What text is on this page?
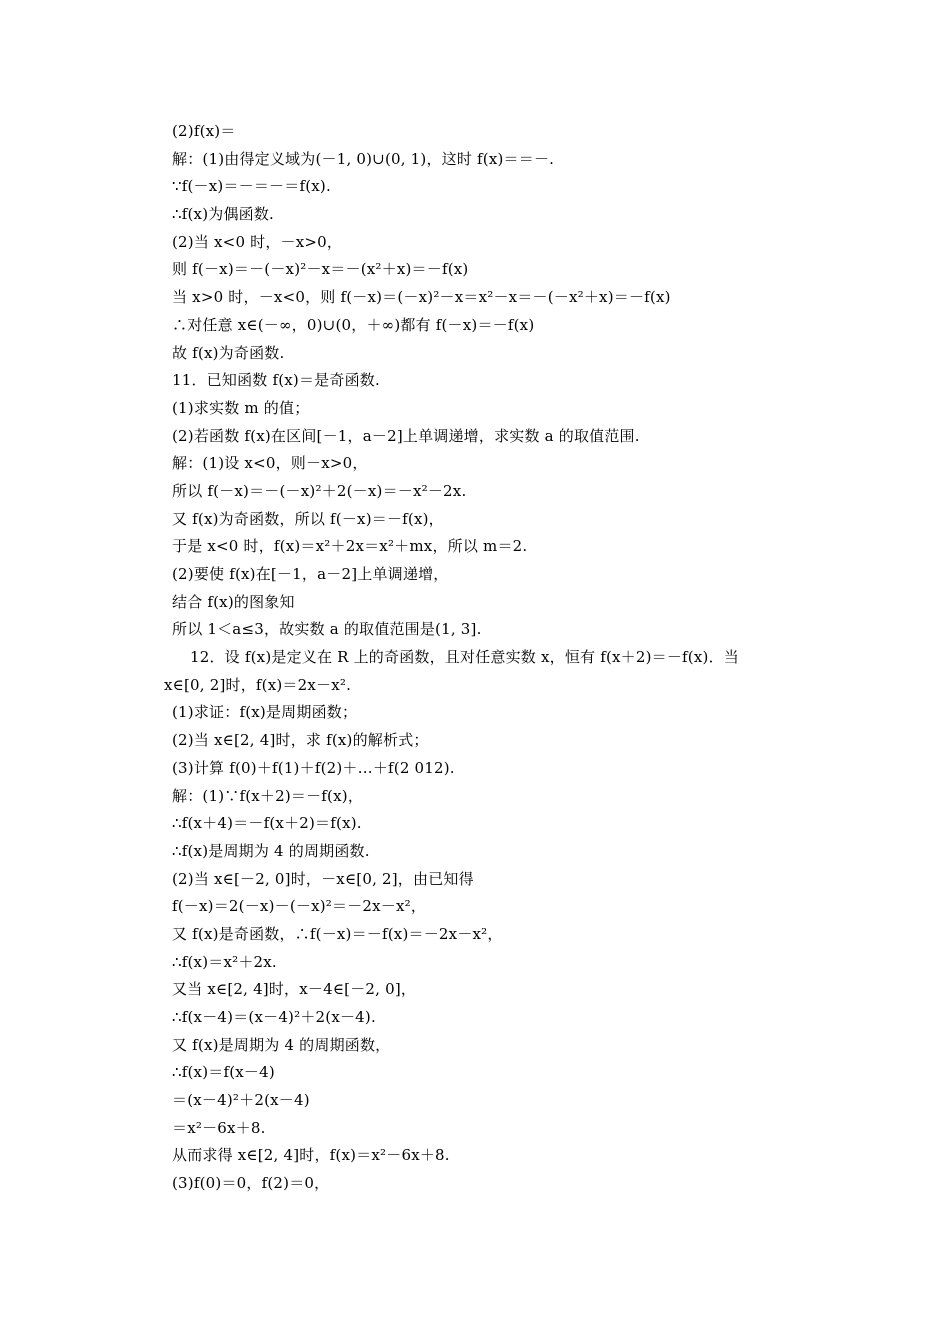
(2)f(x)＝
解：(1)由得定义域为(－1, 0)∪(0, 1)，这时 f(x)＝＝－.
∵f(－x)＝－＝－＝f(x).
∴f(x)为偶函数.
(2)当 x<0 时，－x>0，
则 f(－x)＝－(－x)²－x＝－(x²＋x)＝－f(x)
当 x>0 时，－x<0，则 f(－x)＝(－x)²－x＝x²－x＝－(－x²＋x)＝－f(x)
∴对任意 x∈(－∞，0)∪(0，＋∞)都有 f(－x)＝－f(x)
故 f(x)为奇函数.
11．已知函数 f(x)＝是奇函数.
(1)求实数 m 的值；
(2)若函数 f(x)在区间[－1，a－2]上单调递增，求实数 a 的取值范围.
解：(1)设 x<0，则－x>0，
所以 f(－x)＝－(－x)²＋2(－x)＝－x²－2x.
又 f(x)为奇函数，所以 f(－x)＝－f(x)，
于是 x<0 时，f(x)＝x²＋2x＝x²＋mx，所以 m＝2.
(2)要使 f(x)在[－1，a－2]上单调递增，
结合 f(x)的图象知
所以 1＜a≤3，故实数 a 的取值范围是(1, 3].
12．设 f(x)是定义在 R 上的奇函数，且对任意实数 x，恒有 f(x＋2)＝－f(x)．当
x∈[0, 2]时，f(x)＝2x－x².
(1)求证：f(x)是周期函数；
(2)当 x∈[2, 4]时，求 f(x)的解析式；
(3)计算 f(0)＋f(1)＋f(2)＋…＋f(2 012).
解：(1)∵f(x＋2)＝－f(x)，
∴f(x＋4)＝－f(x＋2)＝f(x).
∴f(x)是周期为 4 的周期函数.
(2)当 x∈[－2, 0]时，－x∈[0, 2]，由已知得
f(－x)＝2(－x)－(－x)²＝－2x－x²，
又 f(x)是奇函数，∴f(－x)＝－f(x)＝－2x－x²，
∴f(x)＝x²＋2x.
又当 x∈[2, 4]时，x－4∈[－2, 0]，
∴f(x－4)＝(x－4)²＋2(x－4).
又 f(x)是周期为 4 的周期函数，
∴f(x)＝f(x－4)
＝(x－4)²＋2(x－4)
＝x²－6x＋8.
从而求得 x∈[2, 4]时，f(x)＝x²－6x＋8.
(3)f(0)＝0，f(2)＝0，
